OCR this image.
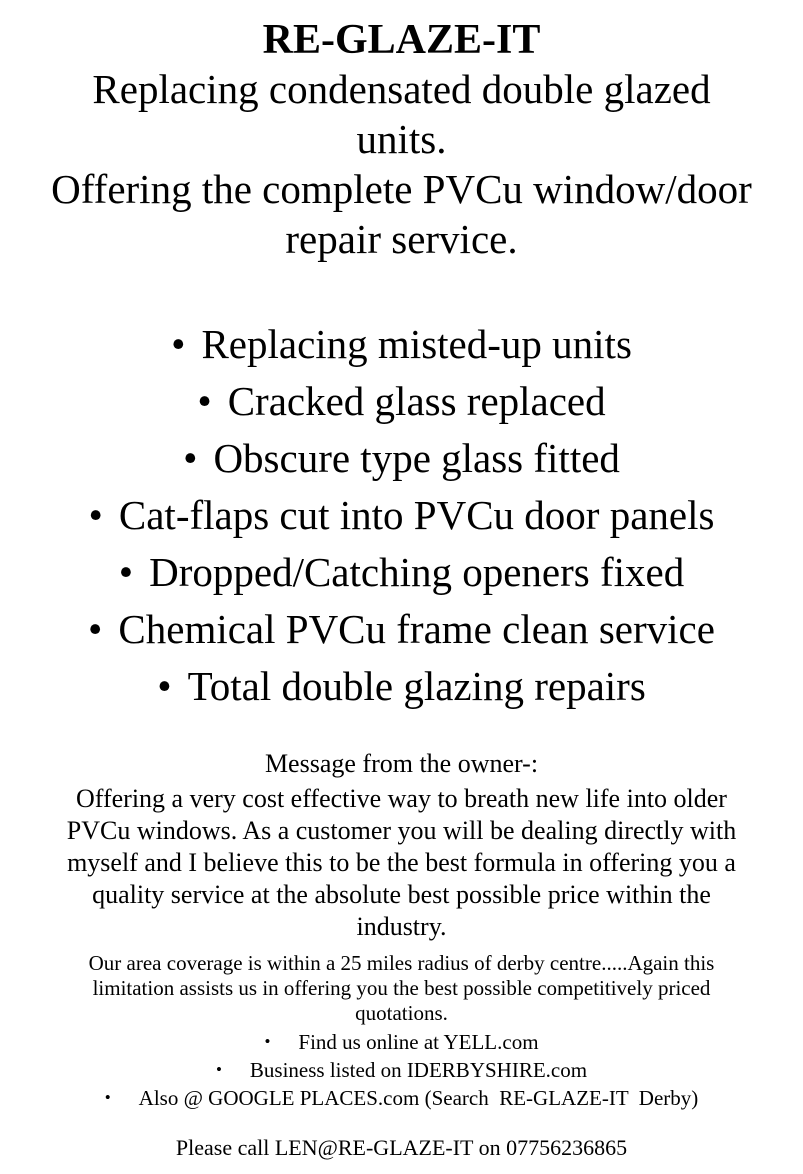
RE-GLAZE-IT
Replacing condensated double glazed
units.
Offering the complete PVCu window/door
repair service.
• Replacing misted-up units
• Cracked glass replaced
• Obscure type glass fitted
• Cat-flaps cut into PVCu door panels
• Dropped/Catching openers fixed
• Chemical PVCu frame clean service
• Total double glazing repairs
Message from the owner-:
Offering a very cost effective way to breath new life into older
PVCu windows. As a customer you will be dealing directly with
myself and I believe this to be the best formula in offering you a
quality service at the absolute best possible price within the
industry.
Our area coverage is within a 25 miles radius of derby centre.....Again this
limitation assists us in offering you the best possible competitively priced
quotations.
• Find us online at YELL.com
• Business listed on IDERBYSHIRE.com
• Also @ GOOGLE PLACES.com (Search  RE-GLAZE-IT  Derby)
Please call LEN@RE-GLAZE-IT on 07756236865
